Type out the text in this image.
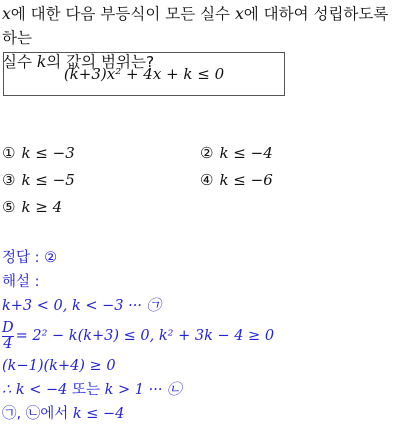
x에 대한 다음 부등식이 모든 실수 x에 대하여 성립하도록 하는
실수 k의 값의 범위는?
(k+3)x² + 4x + k ≤ 0
① k ≤ −3	② k ≤ −4
③ k ≤ −5	④ k ≤ −6
⑤ k ≥ 4
정답 : ②
해설 :
k+3 < 0, k < −3 ··· ㉠
$\frac{D}{4} = 2^2 - k(k+3) \le 0$, k² + 3k − 4 ≥ 0
(k−1)(k+4) ≥ 0
∴ k < −4 또는 k > 1 ··· ㉡
㉠, ㉡에서 k ≤ −4
